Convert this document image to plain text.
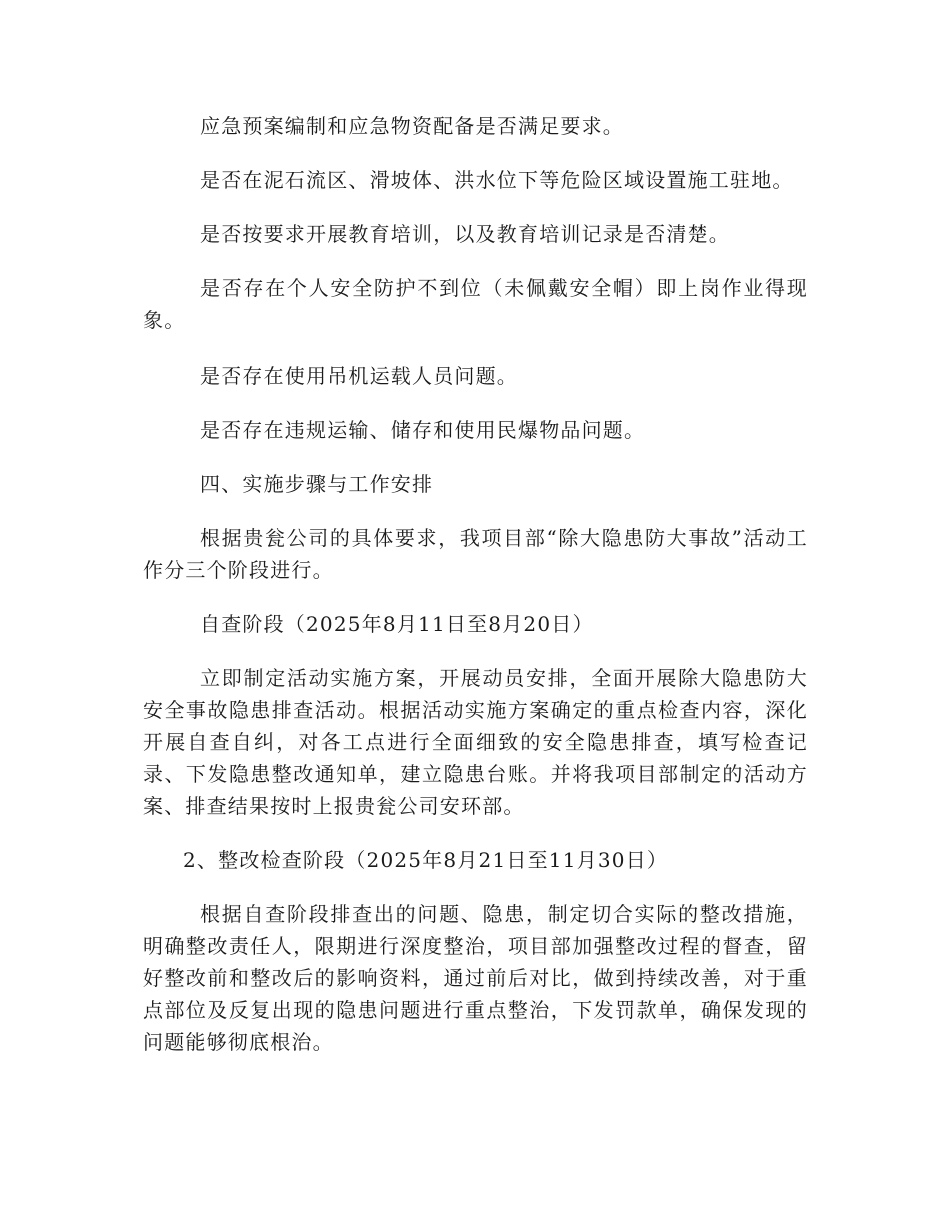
应急预案编制和应急物资配备是否满足要求。

是否在泥石流区、滑坡体、洪水位下等危险区域设置施工驻地。

是否按要求开展教育培训，以及教育培训记录是否清楚。

是否存在个人安全防护不到位（未佩戴安全帽）即上岗作业得现象。

是否存在使用吊机运载人员问题。

是否存在违规运输、储存和使用民爆物品问题。

四、实施步骤与工作安排

根据贵瓮公司的具体要求，我项目部“除大隐患防大事故”活动工作分三个阶段进行。

自查阶段（2025年8月11日至8月20日）

立即制定活动实施方案，开展动员安排，全面开展除大隐患防大安全事故隐患排查活动。根据活动实施方案确定的重点检查内容，深化开展自查自纠，对各工点进行全面细致的安全隐患排查，填写检查记录、下发隐患整改通知单，建立隐患台账。并将我项目部制定的活动方案、排查结果按时上报贵瓮公司安环部。

2、整改检查阶段（2025年8月21日至11月30日）

根据自查阶段排查出的问题、隐患，制定切合实际的整改措施，明确整改责任人，限期进行深度整治，项目部加强整改过程的督查，留好整改前和整改后的影响资料，通过前后对比，做到持续改善，对于重点部位及反复出现的隐患问题进行重点整治，下发罚款单，确保发现的问题能够彻底根治。
